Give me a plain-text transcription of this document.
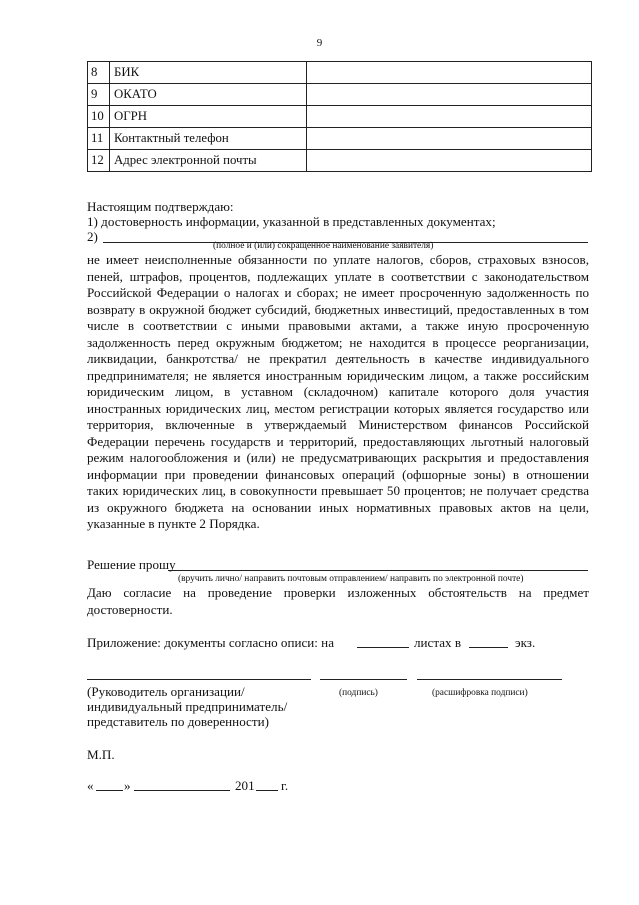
9
8	БИК	
9	ОКАТО	
10	ОГРН	
11	Контактный телефон	
12	Адрес электронной почты	
Настоящим подтверждаю:
1) достоверность информации, указанной в представленных документах;
2)
(полное и (или) сокращенное наименование заявителя)
не имеет неисполненные обязанности по уплате налогов, сборов, страховых взносов, пеней, штрафов, процентов, подлежащих уплате в соответствии с законодательством Российской Федерации о налогах и сборах; не имеет просроченную задолженность по возврату в окружной бюджет субсидий, бюджетных инвестиций, предоставленных в том числе в соответствии с иными правовыми актами, а также иную просроченную задолженность перед окружным бюджетом; не находится в процессе реорганизации, ликвидации, банкротства/ не прекратил деятельность в качестве индивидуального предпринимателя; не является иностранным юридическим лицом, а также российским юридическим лицом, в уставном (складочном) капитале которого доля участия иностранных юридических лиц, местом регистрации которых является государство или территория, включенные в утверждаемый Министерством финансов Российской Федерации перечень государств и территорий, предоставляющих льготный налоговый режим налогообложения и (или) не предусматривающих раскрытия и предоставления информации при проведении финансовых операций (офшорные зоны) в отношении таких юридических лиц, в совокупности превышает 50 процентов; не получает средства из окружного бюджета на основании иных нормативных правовых актов на цели, указанные в пункте 2 Порядка.
Решение прошу
(вручить лично/ направить почтовым отправлением/ направить по электронной почте)
Даю согласие на проведение проверки изложенных обстоятельств на предмет достоверности.
Приложение: документы согласно описи: на	листах в	экз.
(Руководитель организации/	(подпись)	(расшифровка подписи)
индивидуальный предприниматель/
представитель по доверенности)
М.П.
« »	201 г.
